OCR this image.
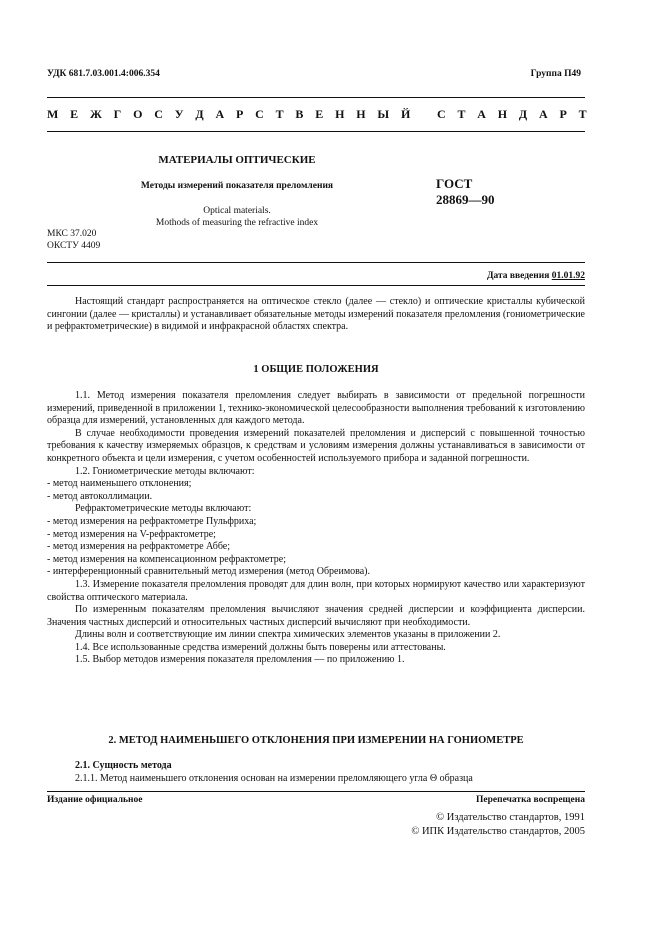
УДК 681.7.03.001.4:006.354	Группа П49
М Е Ж Г О С У Д А Р С Т В Е Н Н Ы Й
С Т А Н Д А Р Т
МАТЕРИАЛЫ ОПТИЧЕСКИЕ
Методы измерений показателя преломления	ГОСТ
28869—90
Optical materials.
Mothods of measuring the refractive index
МКС 37.020
ОКСТУ 4409
Дата введения 01.01.92

Настоящий стандарт распространяется на оптическое стекло (далее — стекло) и оптические кристаллы кубической сингонии (далее — кристаллы) и устанавливает обязательные методы измерений показателя преломления (гониометрические и рефрактометрические) в видимой и инфракрасной областях спектра.

1 ОБЩИЕ ПОЛОЖЕНИЯ

1.1. Метод измерения показателя преломления следует выбирать в зависимости от предельной погрешности измерений, приведенной в приложении 1, технико-экономической целесообразности выполнения требований к изготовлению образца для измерений, установленных для каждого метода.

В случае необходимости проведения измерений показателей преломления и дисперсий с повышенной точностью требования к качеству измеряемых образцов, к средствам и условиям измерения должны устанавливаться в зависимости от конкретного объекта и цели измерения, с учетом особенностей используемого прибора и заданной погрешности.

1.2. Гониометрические методы включают:

- метод наименьшего отклонения;

- метод автоколлимации.

Рефрактометрические методы включают:

- метод измерения на рефрактометре Пульфриха;

- метод измерения на V-рефрактометре;

- метод измерения на рефрактометре Аббе;

- метод измерения на компенсационном рефрактометре;

- интерференционный сравнительный метод измерения (метод Обреимова).

1.3. Измерение показателя преломления проводят для длин волн, при которых нормируют качество или характеризуют свойства оптического материала.

По измеренным показателям преломления вычисляют значения средней дисперсии и коэффициента дисперсии. Значения частных дисперсий и относительных частных дисперсий вычисляют при необходимости.

Длины волн и соответствующие им линии спектра химических элементов указаны в приложении 2.

1.4. Все использованные средства измерений должны быть поверены или аттестованы.

1.5. Выбор методов измерения показателя преломления — по приложению 1.

2. МЕТОД НАИМЕНЬШЕГО ОТКЛОНЕНИЯ ПРИ ИЗМЕРЕНИИ НА ГОНИОМЕТРЕ

2.1. Сущность метода

2.1.1. Метод наименьшего отклонения основан на измерении преломляющего угла Θ образца

Издание официальное	Перепечатка воспрещена
© Издательство стандартов, 1991
© ИПК Издательство стандартов, 2005
